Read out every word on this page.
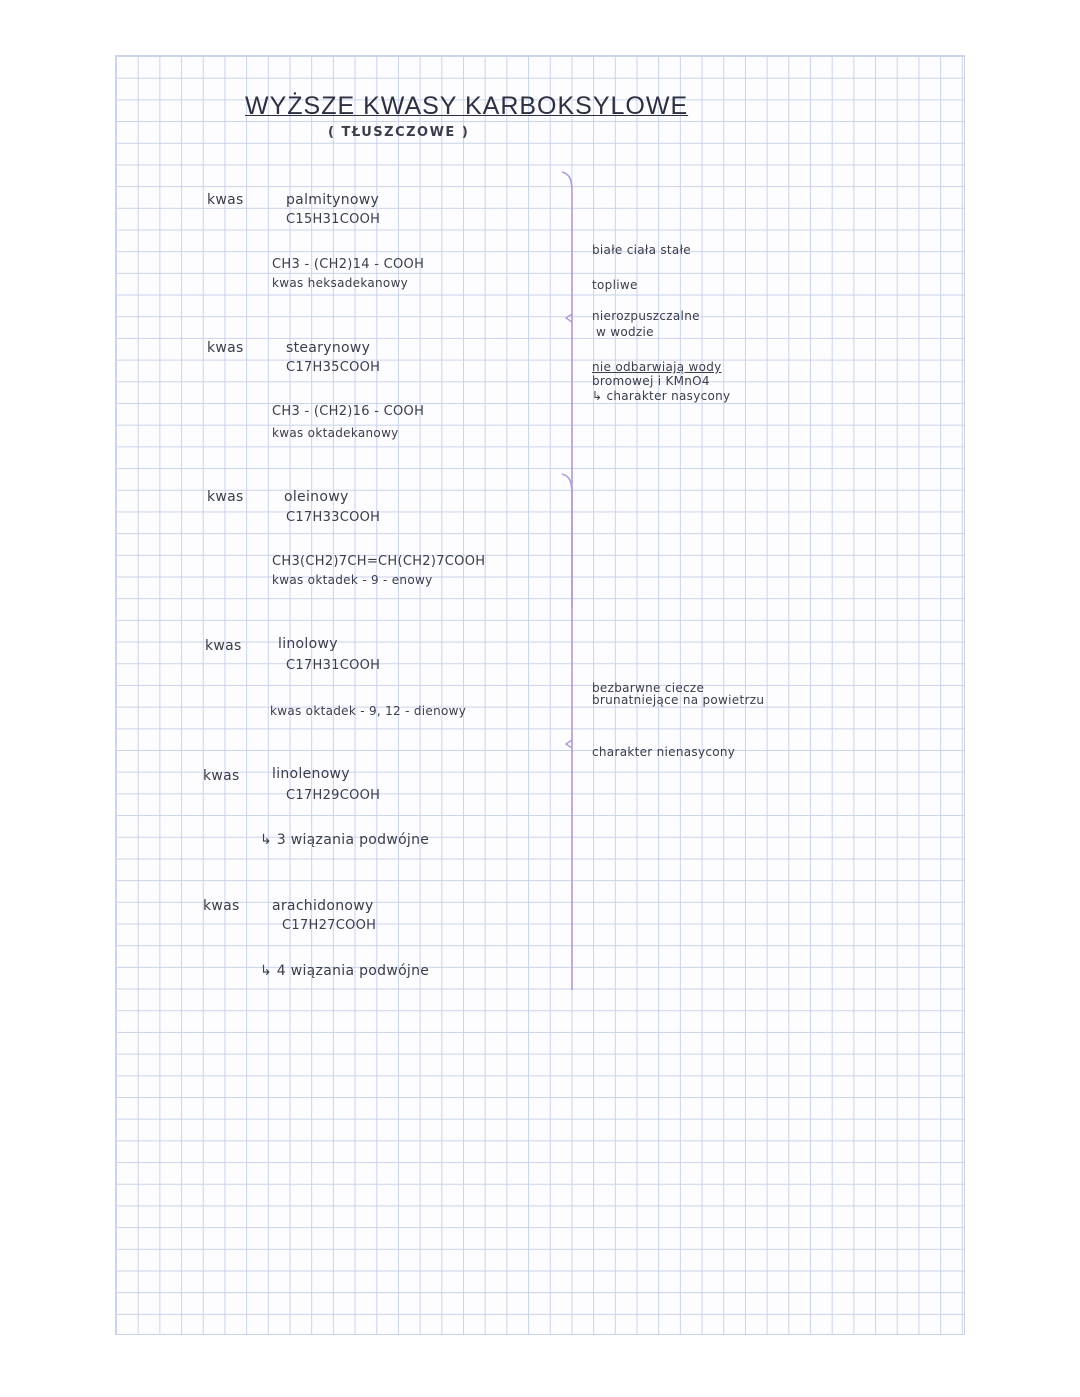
WYŻSZE KWASY KARBOKSYLOWE
( TŁUSZCZOWE )
kwas	palmitynowy
C15H31COOH
CH3 - (CH2)14 - COOH
kwas heksadekanowy
kwas	stearynowy
C17H35COOH
CH3 - (CH2)16 - COOH
kwas oktadekanowy
kwas	oleinowy
C17H33COOH
CH3(CH2)7CH=CH(CH2)7COOH
kwas oktadek - 9 - enowy
kwas	linolowy
C17H31COOH
kwas oktadek - 9, 12 - dienowy
kwas linolenowy
C17H29COOH
↳ 3 wiązania podwójne
kwas arachidonowy
C17H27COOH
↳ 4 wiązania podwójne
białe ciała stałe
topliwe
nierozpuszczalne
w wodzie
nie odbarwiają wody
bromowej i KMnO4
↳ charakter nasycony
bezbarwne ciecze
brunatniejące na powietrzu
charakter nienasycony
